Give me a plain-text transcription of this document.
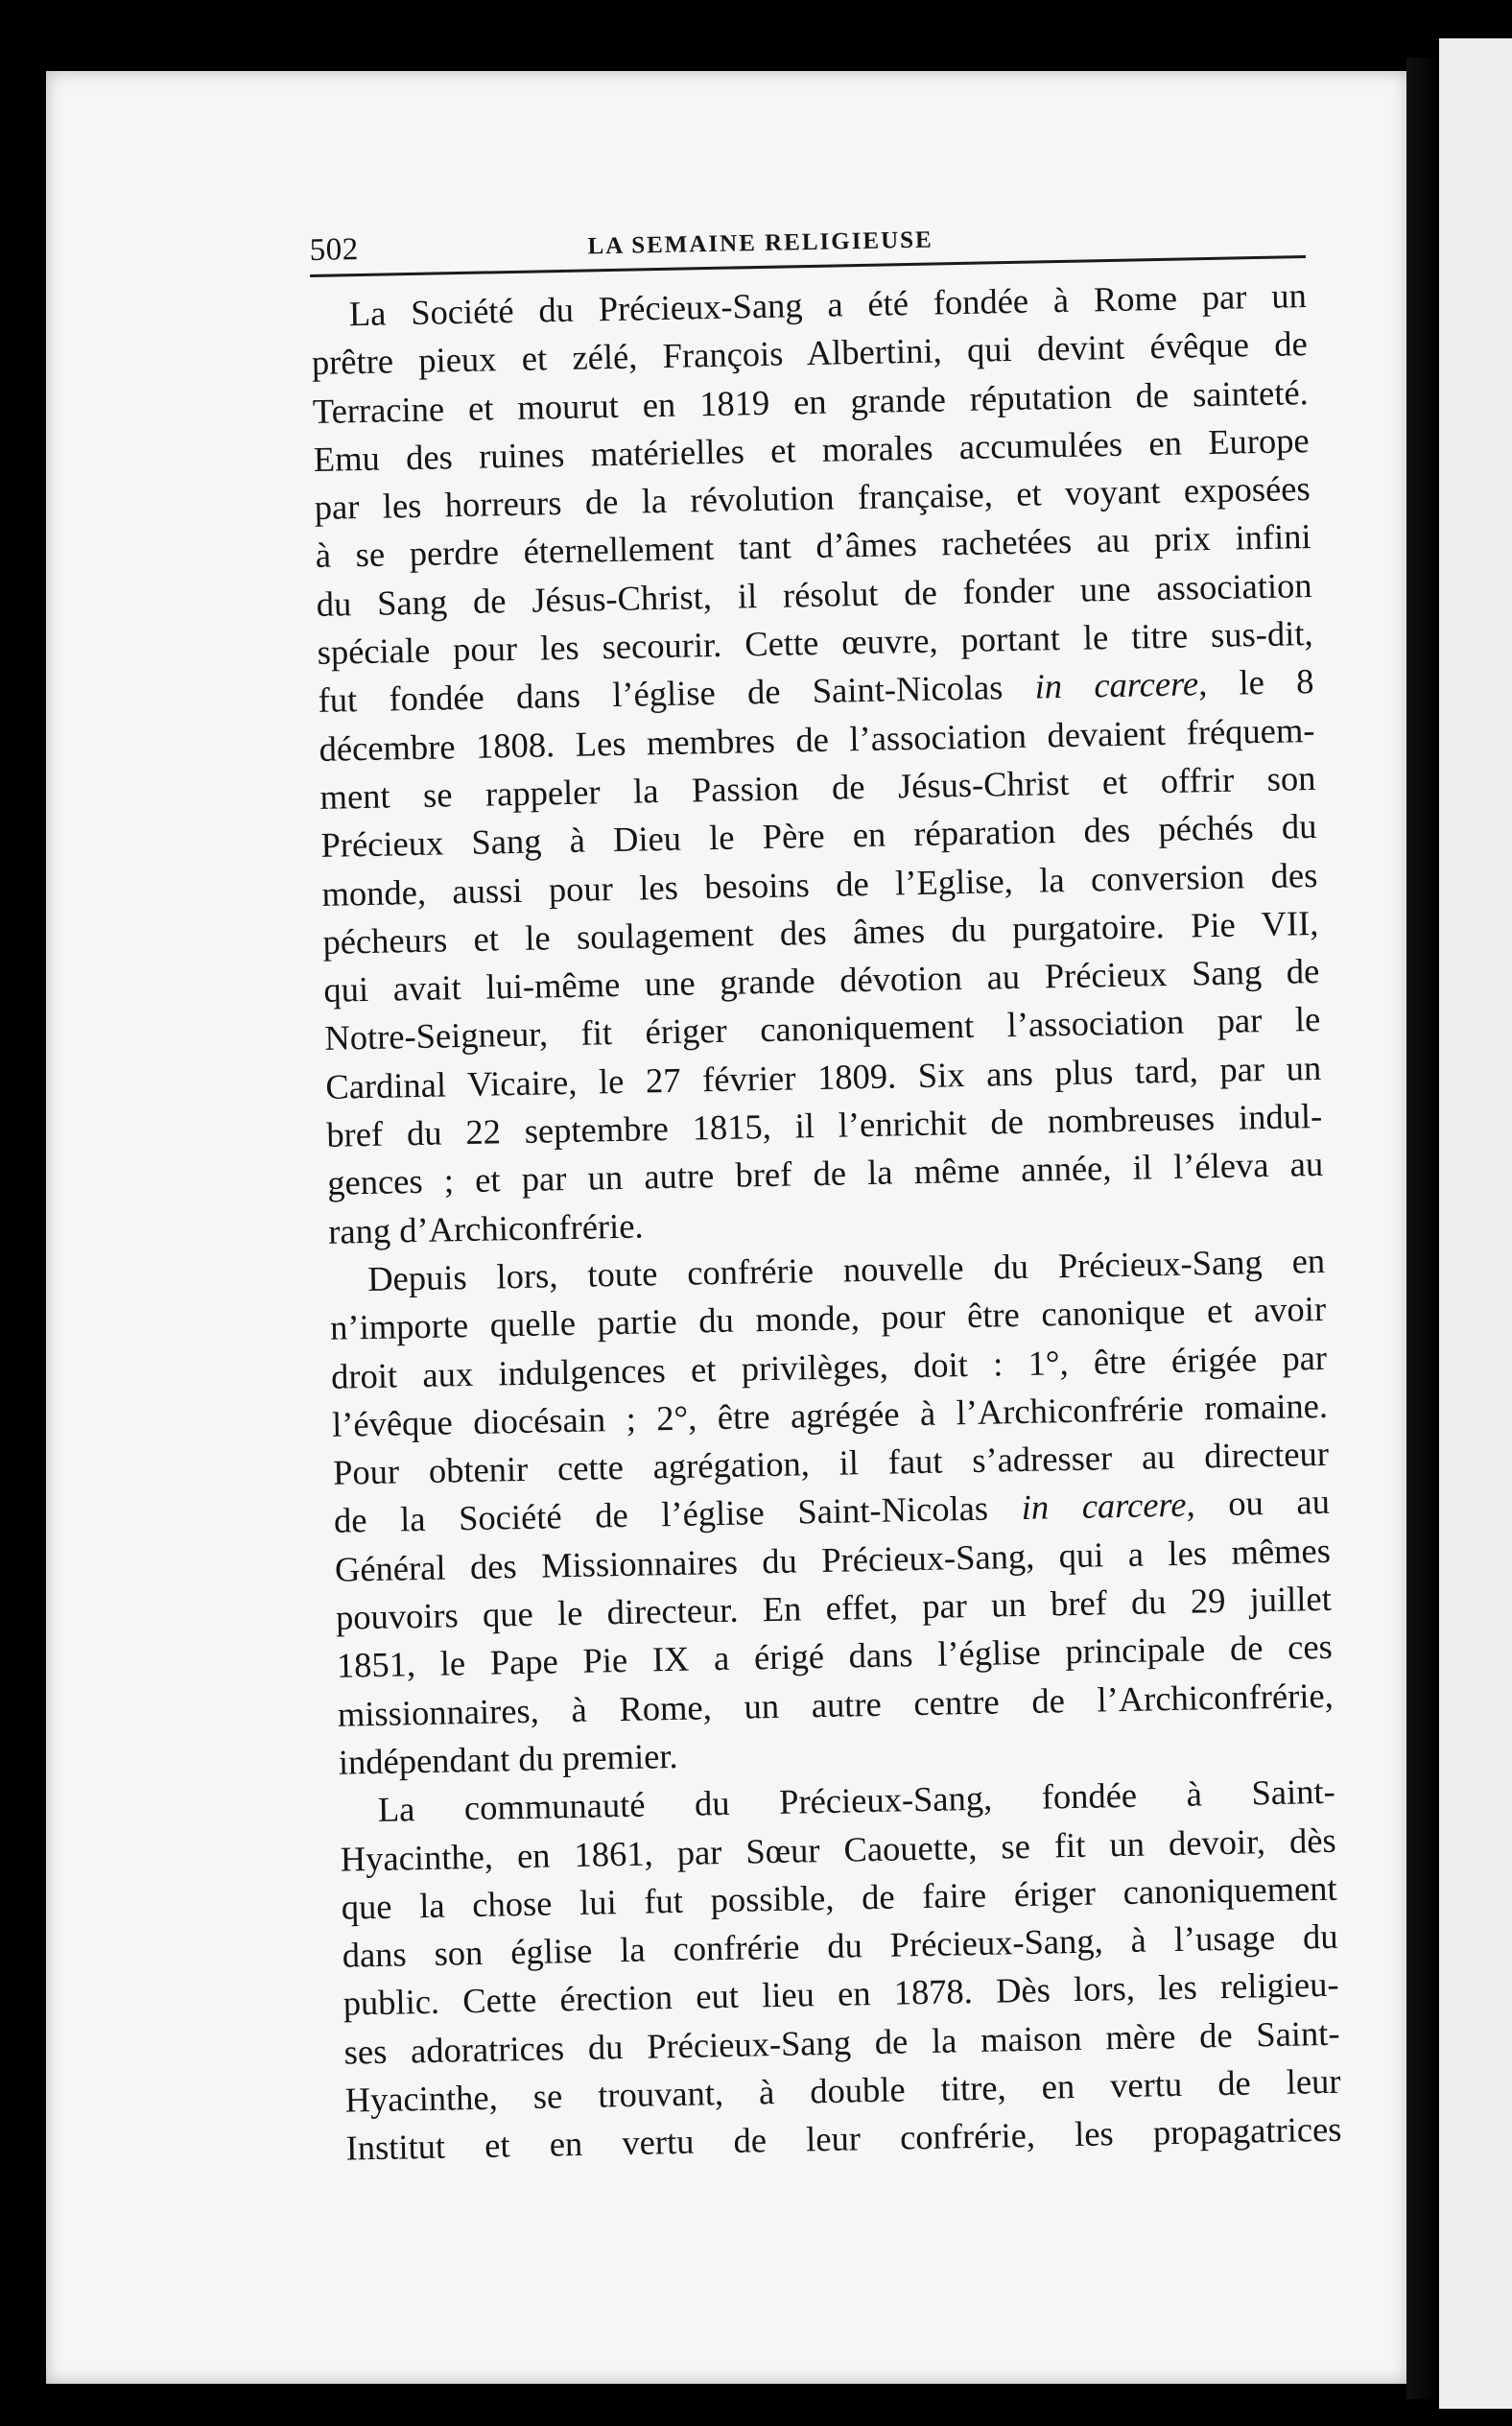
502	LA SEMAINE RELIGIEUSE

La Société du Précieux-Sang a été fondée à Rome par un
prêtre pieux et zélé, François Albertini, qui devint évêque de
Terracine et mourut en 1819 en grande réputation de sainteté.
Emu des ruines matérielles et morales accumulées en Europe
par les horreurs de la révolution française, et voyant exposées
à se perdre éternellement tant d’âmes rachetées au prix infini
du Sang de Jésus-Christ, il résolut de fonder une association
spéciale pour les secourir. Cette œuvre, portant le titre sus-dit,
fut fondée dans l’église de Saint-Nicolas in carcere, le 8
décembre 1808. Les membres de l’association devaient fréquem-
ment se rappeler la Passion de Jésus-Christ et offrir son
Précieux Sang à Dieu le Père en réparation des péchés du
monde, aussi pour les besoins de l’Eglise, la conversion des
pécheurs et le soulagement des âmes du purgatoire. Pie VII,
qui avait lui-même une grande dévotion au Précieux Sang de
Notre-Seigneur, fit ériger canoniquement l’association par le
Cardinal Vicaire, le 27 février 1809. Six ans plus tard, par un
bref du 22 septembre 1815, il l’enrichit de nombreuses indul-
gences ; et par un autre bref de la même année, il l’éleva au
rang d’Archiconfrérie.

Depuis lors, toute confrérie nouvelle du Précieux-Sang en
n’importe quelle partie du monde, pour être canonique et avoir
droit aux indulgences et privilèges, doit : 1°, être érigée par
l’évêque diocésain ; 2°, être agrégée à l’Archiconfrérie romaine.
Pour obtenir cette agrégation, il faut s’adresser au directeur
de la Société de l’église Saint-Nicolas in carcere, ou au
Général des Missionnaires du Précieux-Sang, qui a les mêmes
pouvoirs que le directeur. En effet, par un bref du 29 juillet
1851, le Pape Pie IX a érigé dans l’église principale de ces
missionnaires, à Rome, un autre centre de l’Archiconfrérie,
indépendant du premier.

La communauté du Précieux-Sang, fondée à Saint-
Hyacinthe, en 1861, par Sœur Caouette, se fit un devoir, dès
que la chose lui fut possible, de faire ériger canoniquement
dans son église la confrérie du Précieux-Sang, à l’usage du
public. Cette érection eut lieu en 1878. Dès lors, les religieu-
ses adoratrices du Précieux-Sang de la maison mère de Saint-
Hyacinthe, se trouvant, à double titre, en vertu de leur
Institut et en vertu de leur confrérie, les propagatrices
